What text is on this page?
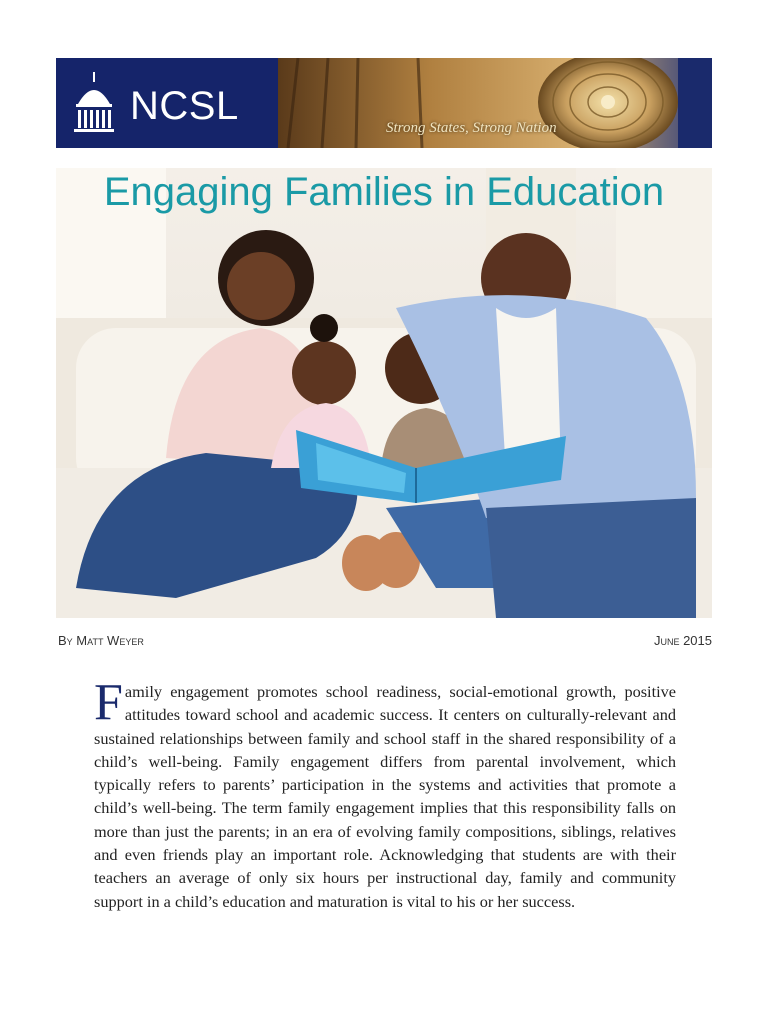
NCSL	Strong States, Strong Nation
Engaging Families in Education
By Matt Weyer	June 2015
Family engagement promotes school readiness, social-emotional growth, positive attitudes toward school and academic success. It centers on culturally-relevant and sustained relationships between family and school staff in the shared responsibility of a child’s well-being. Family engagement differs from parental involvement, which typically refers to parents’ participation in the systems and activities that promote a child’s well-being. The term family engagement implies that this responsibility falls on more than just the parents; in an era of evolving family compositions, siblings, relatives and even friends play an important role. Acknowledging that students are with their teachers an average of only six hours per instructional day, family and community support in a child’s education and maturation is vital to his or her success.
